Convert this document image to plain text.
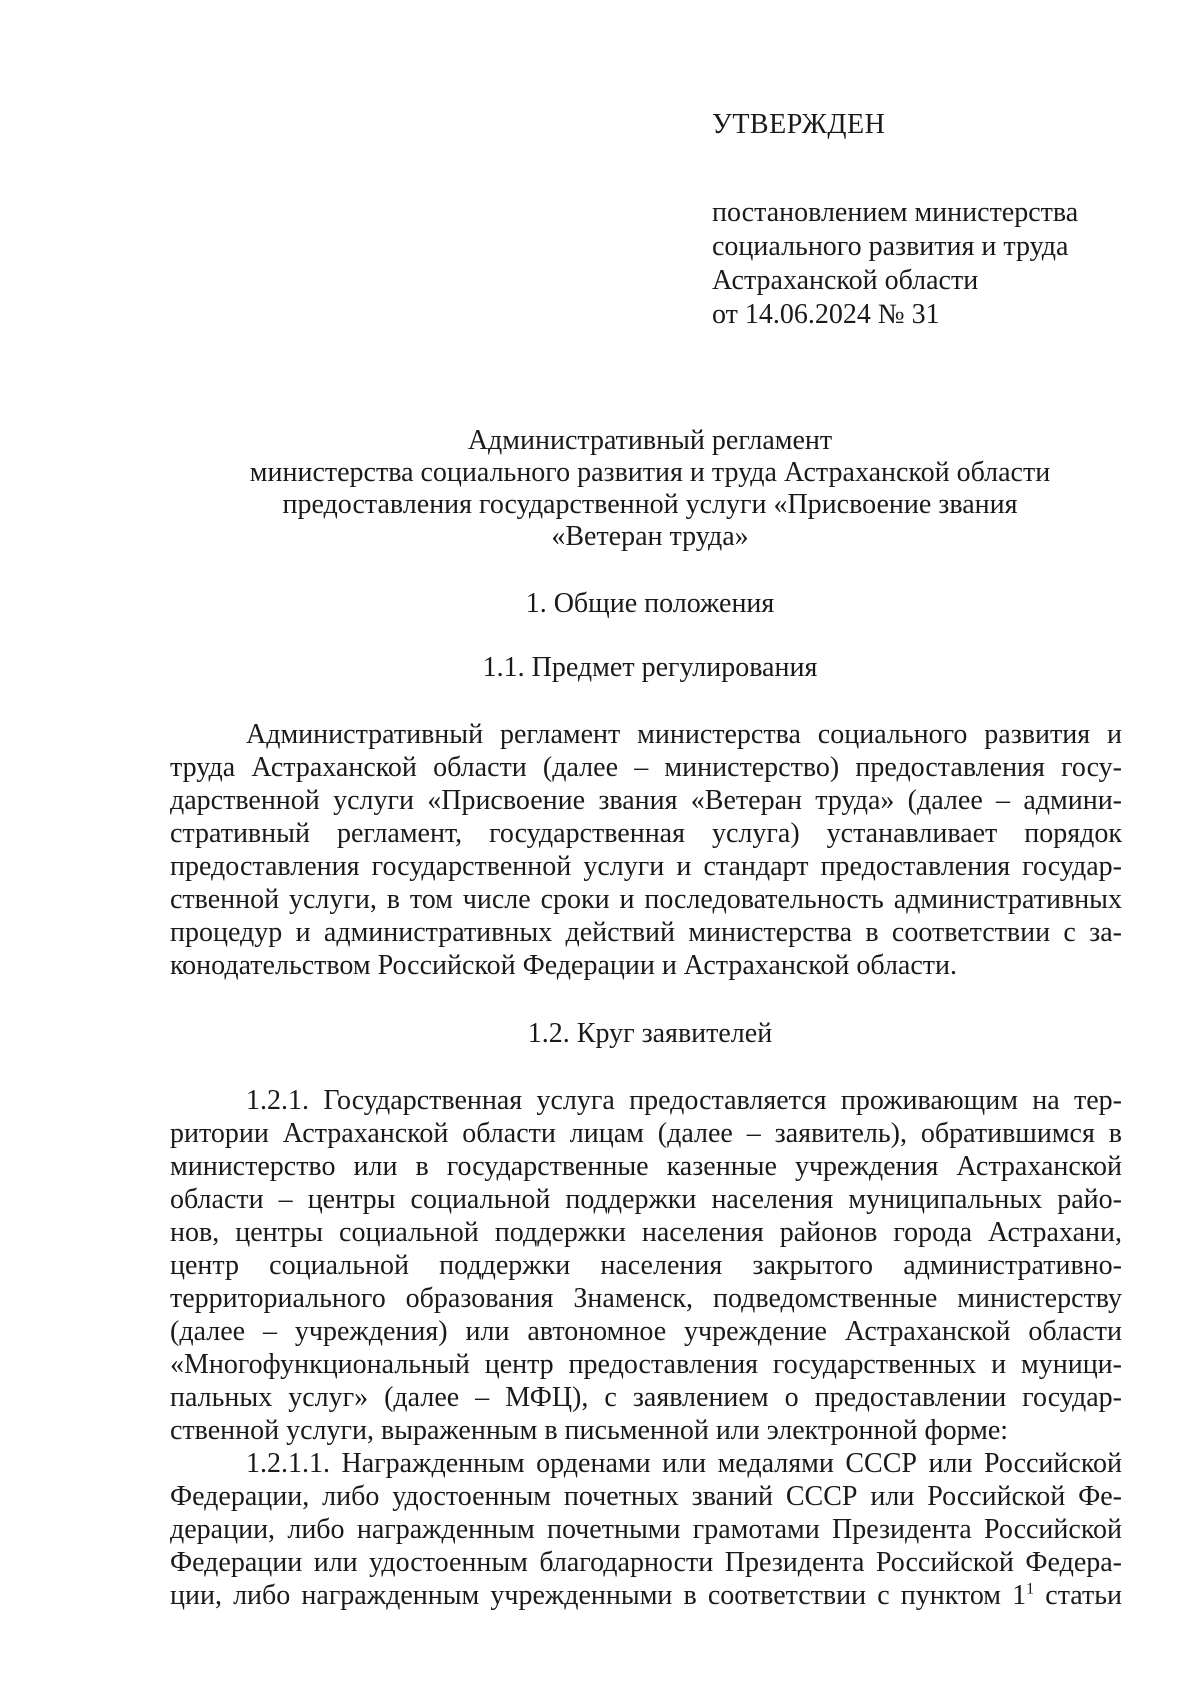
УТВЕРЖДЕН
постановлением министерства
социального развития и труда
Астраханской области
от 14.06.2024 № 31
Административный регламент
министерства социального развития и труда Астраханской области
предоставления государственной услуги «Присвоение звания
«Ветеран труда»
1. Общие положения
1.1. Предмет регулирования
Административный регламент министерства социального развития и
труда Астраханской области (далее – министерство) предоставления госу-
дарственной услуги «Присвоение звания «Ветеран труда» (далее – админи-
стративный регламент, государственная услуга) устанавливает порядок
предоставления государственной услуги и стандарт предоставления государ-
ственной услуги, в том числе сроки и последовательность административных
процедур и административных действий министерства в соответствии с за-
конодательством Российской Федерации и Астраханской области.
1.2. Круг заявителей
1.2.1. Государственная услуга предоставляется проживающим на тер-
ритории Астраханской области лицам (далее – заявитель), обратившимся в
министерство или в государственные казенные учреждения Астраханской
области – центры социальной поддержки населения муниципальных райо-
нов, центры социальной поддержки населения районов города Астрахани,
центр социальной поддержки населения закрытого административно-
территориального образования Знаменск, подведомственные министерству
(далее – учреждения) или автономное учреждение Астраханской области
«Многофункциональный центр предоставления государственных и муници-
пальных услуг» (далее – МФЦ), с заявлением о предоставлении государ-
ственной услуги, выраженным в письменной или электронной форме:
1.2.1.1. Награжденным орденами или медалями СССР или Российской
Федерации, либо удостоенным почетных званий СССР или Российской Фе-
дерации, либо награжденным почетными грамотами Президента Российской
Федерации или удостоенным благодарности Президента Российской Федера-
ции, либо награжденным учрежденными в соответствии с пунктом $1^1$ статьи
